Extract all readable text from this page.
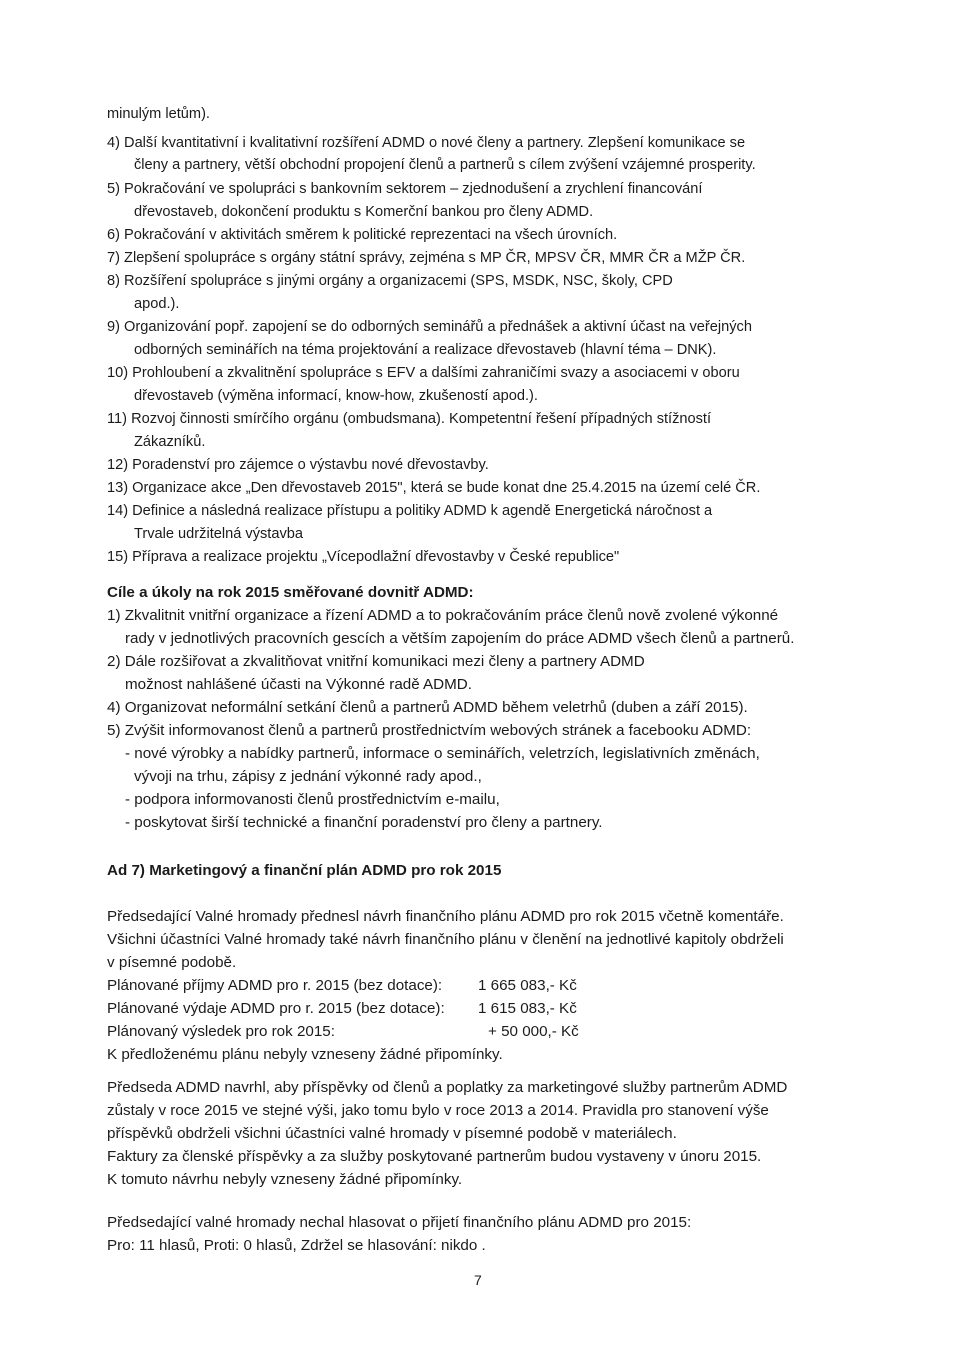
minulým letům).

4) Další kvantitativní i kvalitativní rozšíření ADMD o nové členy a partnery. Zlepšení komunikace se

členy a partnery, větší obchodní propojení členů a partnerů s cílem zvýšení vzájemné prosperity.

5) Pokračování ve spolupráci s bankovním sektorem – zjednodušení a zrychlení financování

dřevostaveb, dokončení produktu s Komerční bankou pro členy ADMD.

6) Pokračování v aktivitách směrem k politické reprezentaci na všech úrovních.

7) Zlepšení spolupráce s orgány státní správy, zejména s MP ČR, MPSV ČR, MMR ČR a MŽP ČR.

8) Rozšíření spolupráce s jinými orgány a organizacemi (SPS, MSDK, NSC, školy, CPD

apod.).

9) Organizování popř. zapojení se do odborných seminářů a přednášek a aktivní účast na veřejných

odborných seminářích na téma projektování a realizace dřevostaveb (hlavní téma – DNK).

10) Prohloubení a zkvalitnění spolupráce s EFV a dalšími zahraničími svazy a asociacemi v oboru

dřevostaveb (výměna informací, know-how, zkušeností apod.).

11) Rozvoj činnosti smírčího orgánu (ombudsmana). Kompetentní řešení případných stížností

Zákazníků.

12) Poradenství pro zájemce o výstavbu nové dřevostavby.

13) Organizace akce „Den dřevostaveb 2015", která se bude konat dne 25.4.2015 na území celé ČR.

14) Definice a následná realizace přístupu a politiky ADMD k agendě Energetická náročnost a

Trvale udržitelná výstavba

15) Příprava a realizace projektu „Vícepodlažní dřevostavby v České republice"

Cíle a úkoly na rok 2015 směřované dovnitř ADMD:

1) Zkvalitnit vnitřní organizace a řízení ADMD a to pokračováním práce členů nově zvolené výkonné

rady v jednotlivých pracovních gescích a větším zapojením do práce ADMD všech členů a partnerů.

2) Dále rozšiřovat a zkvalitňovat vnitřní komunikaci mezi členy a partnery ADMD

možnost nahlášené účasti na Výkonné radě ADMD.

4) Organizovat neformální setkání členů a partnerů ADMD během veletrhů (duben a září 2015).

5) Zvýšit informovanost členů a partnerů prostřednictvím webových stránek a facebooku ADMD:

- nové výrobky a nabídky partnerů, informace o seminářích, veletrzích, legislativních změnách,

vývoji na trhu, zápisy z jednání výkonné rady apod.,

- podpora informovanosti členů prostřednictvím e-mailu,

- poskytovat širší technické a finanční poradenství pro členy a partnery.

Ad 7) Marketingový a finanční plán ADMD pro rok 2015

Předsedající Valné hromady přednesl návrh finančního plánu ADMD pro rok 2015 včetně komentáře.

Všichni účastníci Valné hromady také návrh finančního plánu v členění na jednotlivé kapitoly obdrželi

v písemné podobě.

Plánované příjmy ADMD pro r. 2015 (bez dotace): 1 665 083,- Kč

Plánované výdaje ADMD pro r. 2015 (bez dotace): 1 615 083,- Kč

Plánovaný výsledek pro rok 2015:	+ 50 000,- Kč

K předloženému plánu nebyly vzneseny žádné připomínky.

Předseda ADMD navrhl, aby příspěvky od členů a poplatky za marketingové služby partnerům ADMD

zůstaly v roce 2015 ve stejné výši, jako tomu bylo v roce 2013 a 2014. Pravidla pro stanovení výše

příspěvků obdrželi všichni účastníci valné hromady v písemné podobě v materiálech.

Faktury za členské příspěvky a za služby poskytované partnerům budou vystaveny v únoru 2015.

K tomuto návrhu nebyly vzneseny žádné připomínky.

Předsedající valné hromady nechal hlasovat o přijetí finančního plánu ADMD pro 2015:

Pro: 11 hlasů, Proti: 0 hlasů, Zdržel se hlasování: nikdo .

7
